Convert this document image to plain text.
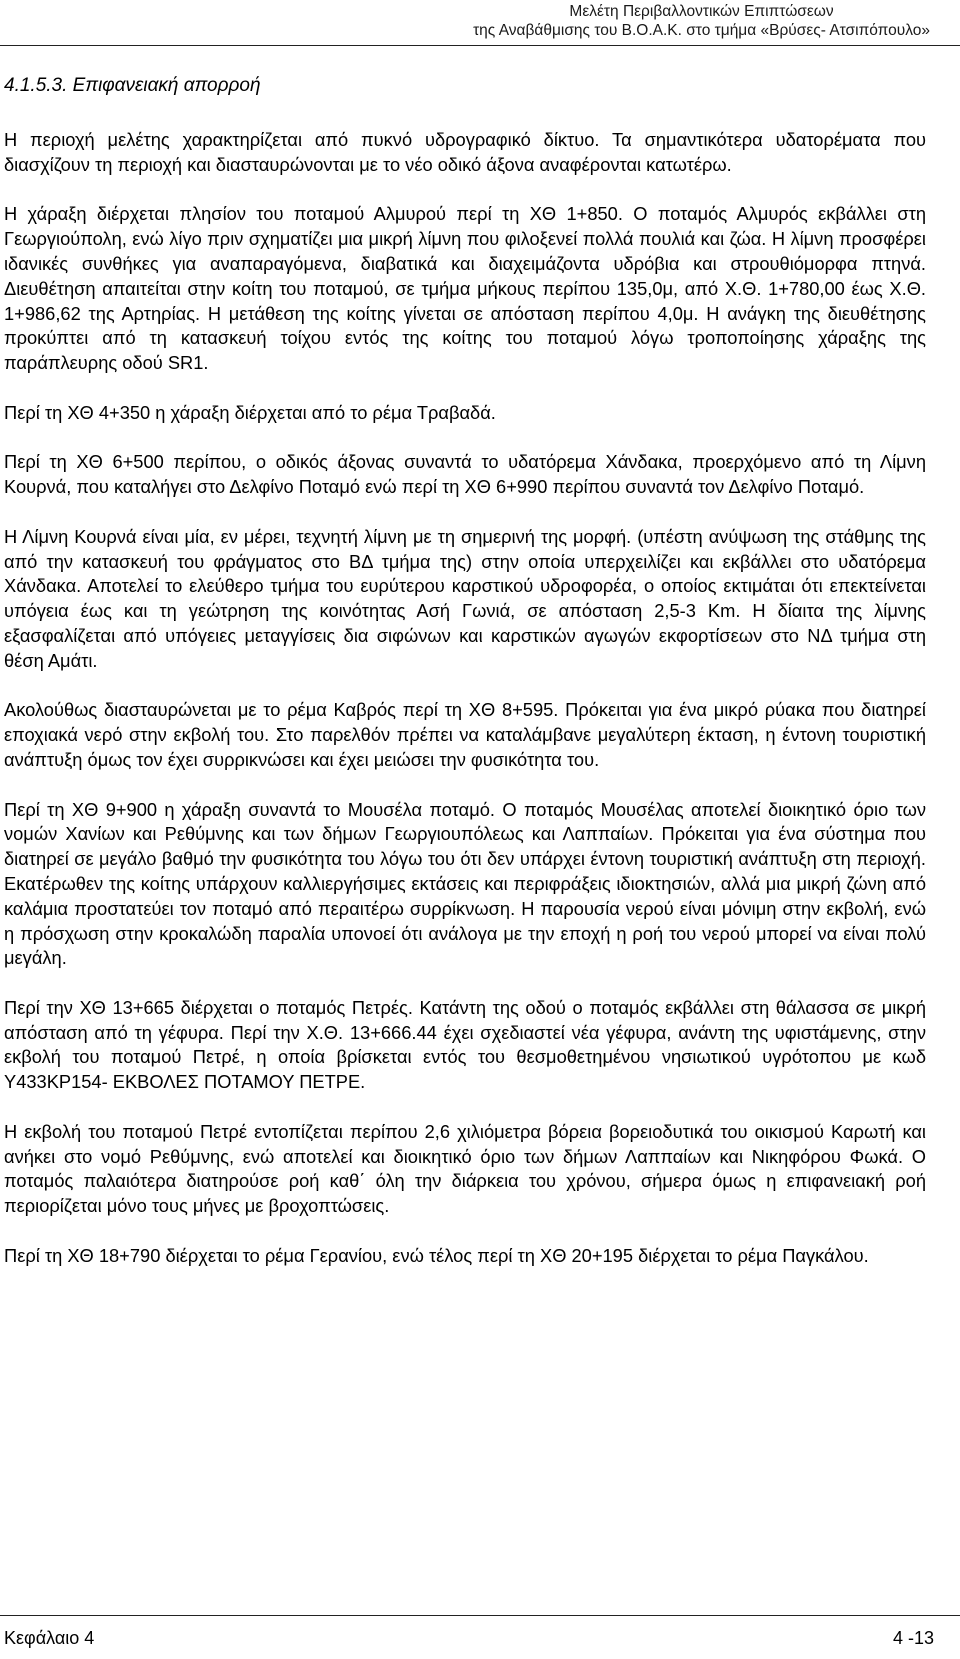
Μελέτη Περιβαλλοντικών Επιπτώσεων
της Αναβάθμισης του Β.Ο.Α.Κ. στο τμήμα «Βρύσες- Ατσιπόπουλο»
4.1.5.3. Επιφανειακή απορροή

Η περιοχή μελέτης χαρακτηρίζεται από πυκνό υδρογραφικό δίκτυο. Τα σημαντικότερα υδατορέματα που διασχίζουν τη περιοχή και διασταυρώνονται με το νέο οδικό άξονα αναφέρονται κατωτέρω.

Η χάραξη διέρχεται πλησίον του ποταμού Αλμυρού περί τη ΧΘ 1+850. Ο ποταμός Αλμυρός εκβάλλει στη Γεωργιούπολη, ενώ λίγο πριν σχηματίζει μια μικρή λίμνη που φιλοξενεί πολλά πουλιά και ζώα. Η λίμνη προσφέρει ιδανικές συνθήκες για αναπαραγόμενα, διαβατικά και διαχειμάζοντα υδρόβια και στρουθιόμορφα πτηνά. Διευθέτηση απαιτείται στην κοίτη του ποταμού, σε τμήμα μήκους περίπου 135,0μ, από Χ.Θ. 1+780,00 έως Χ.Θ. 1+986,62 της Αρτηρίας. Η μετάθεση της κοίτης γίνεται σε απόσταση περίπου 4,0μ. Η ανάγκη της διευθέτησης προκύπτει από τη κατασκευή τοίχου εντός της κοίτης του ποταμού λόγω τροποποίησης χάραξης της παράπλευρης οδού SR1.

Περί τη ΧΘ 4+350 η χάραξη διέρχεται από το ρέμα Τραβαδά.

Περί τη ΧΘ 6+500 περίπου, ο οδικός άξονας συναντά το υδατόρεμα Χάνδακα, προερχόμενο από τη Λίμνη Κουρνά, που καταλήγει στο Δελφίνο Ποταμό ενώ περί τη ΧΘ 6+990 περίπου συναντά τον Δελφίνο Ποταμό.

Η Λίμνη Κουρνά είναι μία, εν μέρει, τεχνητή λίμνη με τη σημερινή της μορφή. (υπέστη ανύψωση της στάθμης της από την κατασκευή του φράγματος στο ΒΔ τμήμα της) στην οποία υπερχειλίζει και εκβάλλει στο υδατόρεμα Χάνδακα. Αποτελεί το ελεύθερο τμήμα του ευρύτερου καρστικού υδροφορέα, ο οποίος εκτιμάται ότι επεκτείνεται υπόγεια έως και τη γεώτρηση της κοινότητας Ασή Γωνιά, σε απόσταση 2,5-3 Km. Η δίαιτα της λίμνης εξασφαλίζεται από υπόγειες μεταγγίσεις δια σιφώνων και καρστικών αγωγών εκφορτίσεων στο ΝΔ τμήμα στη θέση Αμάτι.

Ακολούθως διασταυρώνεται με το ρέμα Καβρός περί τη ΧΘ 8+595. Πρόκειται για ένα μικρό ρύακα που διατηρεί εποχιακά νερό στην εκβολή του. Στο παρελθόν πρέπει να καταλάμβανε μεγαλύτερη έκταση, η έντονη τουριστική ανάπτυξη όμως τον έχει συρρικνώσει και έχει μειώσει την φυσικότητα του.

Περί τη ΧΘ 9+900 η χάραξη συναντά το Μουσέλα ποταμό. Ο ποταμός Μουσέλας αποτελεί διοικητικό όριο των νομών Χανίων και Ρεθύμνης και των δήμων Γεωργιουπόλεως και Λαππαίων. Πρόκειται για ένα σύστημα που διατηρεί σε μεγάλο βαθμό την φυσικότητα του λόγω του ότι δεν υπάρχει έντονη τουριστική ανάπτυξη στη περιοχή. Εκατέρωθεν της κοίτης υπάρχουν καλλιεργήσιμες εκτάσεις και περιφράξεις ιδιοκτησιών, αλλά μια μικρή ζώνη από καλάμια προστατεύει τον ποταμό από περαιτέρω συρρίκνωση. Η παρουσία νερού είναι μόνιμη στην εκβολή, ενώ η πρόσχωση στην κροκαλώδη παραλία υπονοεί ότι ανάλογα με την εποχή η ροή του νερού μπορεί να είναι πολύ μεγάλη.

Περί την ΧΘ 13+665 διέρχεται ο ποταμός Πετρές. Κατάντη της οδού ο ποταμός εκβάλλει στη θάλασσα σε μικρή απόσταση από τη γέφυρα. Περί την Χ.Θ. 13+666.44 έχει σχεδιαστεί νέα γέφυρα, ανάντη της υφιστάμενης, στην εκβολή του ποταμού Πετρέ, η οποία βρίσκεται εντός του θεσμοθετημένου νησιωτικού υγρότοπου με κωδ Y433KP154- ΕΚΒΟΛΕΣ ΠΟΤΑΜΟΥ ΠΕΤΡΕ.

Η εκβολή του ποταμού Πετρέ εντοπίζεται περίπου 2,6 χιλιόμετρα βόρεια βορειοδυτικά του οικισμού Καρωτή και ανήκει στο νομό Ρεθύμνης, ενώ αποτελεί και διοικητικό όριο των δήμων Λαππαίων και Νικηφόρου Φωκά. Ο ποταμός παλαιότερα διατηρούσε ροή καθ΄ όλη την διάρκεια του χρόνου, σήμερα όμως η επιφανειακή ροή περιορίζεται μόνο τους μήνες με βροχοπτώσεις.

Περί τη ΧΘ 18+790 διέρχεται το ρέμα Γερανίου, ενώ τέλος περί τη ΧΘ 20+195 διέρχεται το ρέμα Παγκάλου.

Κεφάλαιο 4	4 -13
